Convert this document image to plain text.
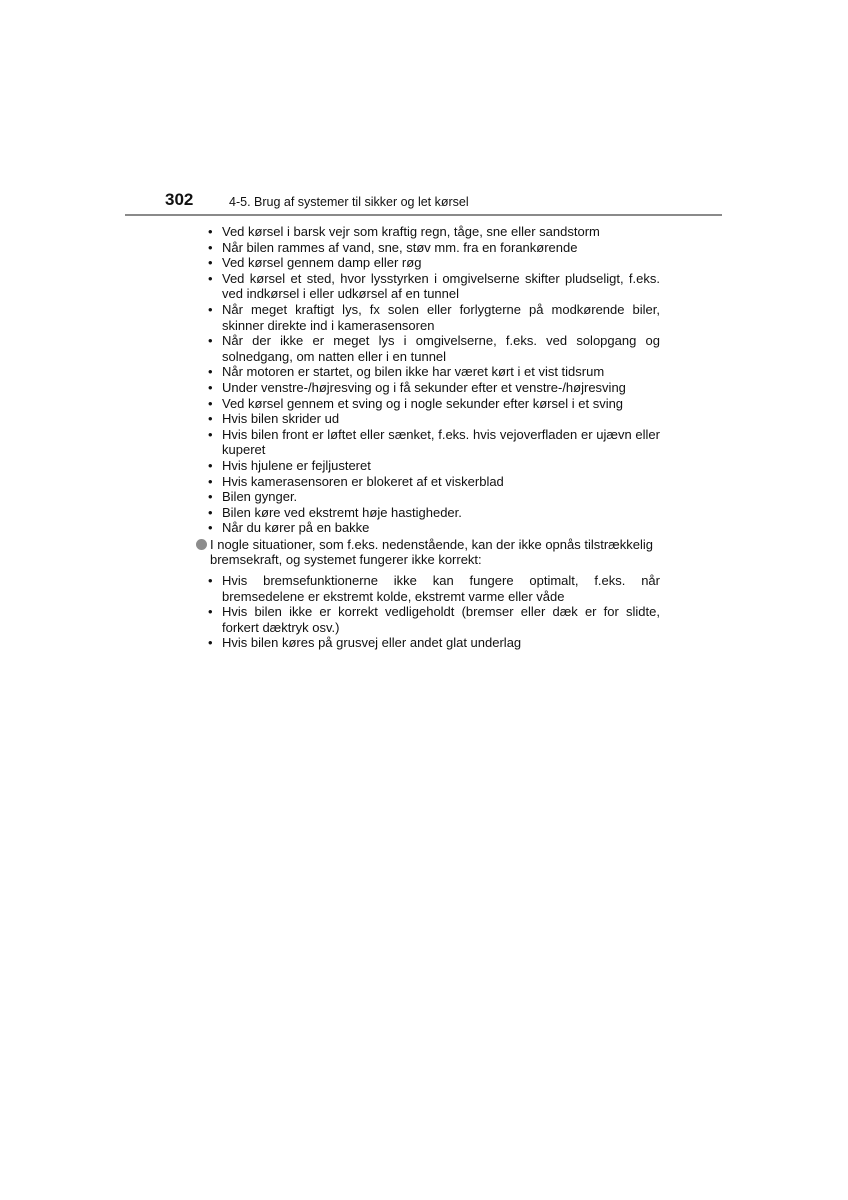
302	4-5. Brug af systemer til sikker og let kørsel
• Ved kørsel i barsk vejr som kraftig regn, tåge, sne eller sandstorm
• Når bilen rammes af vand, sne, støv mm. fra en forankørende
• Ved kørsel gennem damp eller røg
• Ved kørsel et sted, hvor lysstyrken i omgivelserne skifter pludseligt, f.eks. ved indkørsel i eller udkørsel af en tunnel
• Når meget kraftigt lys, fx solen eller forlygterne på modkørende biler, skinner direkte ind i kamerasensoren
• Når der ikke er meget lys i omgivelserne, f.eks. ved solopgang og solnedgang, om natten eller i en tunnel
• Når motoren er startet, og bilen ikke har været kørt i et vist tidsrum
• Under venstre-/højresving og i få sekunder efter et venstre-/højresving
• Ved kørsel gennem et sving og i nogle sekunder efter kørsel i et sving
• Hvis bilen skrider ud
• Hvis bilen front er løftet eller sænket, f.eks. hvis vejoverfladen er ujævn eller kuperet
• Hvis hjulene er fejljusteret
• Hvis kamerasensoren er blokeret af et viskerblad
• Bilen gynger.
• Bilen køre ved ekstremt høje hastigheder.
• Når du kører på en bakke
I nogle situationer, som f.eks. nedenstående, kan der ikke opnås tilstrækkelig bremsekraft, og systemet fungerer ikke korrekt:
• Hvis bremsefunktionerne ikke kan fungere optimalt, f.eks. når bremsedelene er ekstremt kolde, ekstremt varme eller våde
• Hvis bilen ikke er korrekt vedligeholdt (bremser eller dæk er for slidte, forkert dæktryk osv.)
• Hvis bilen køres på grusvej eller andet glat underlag
